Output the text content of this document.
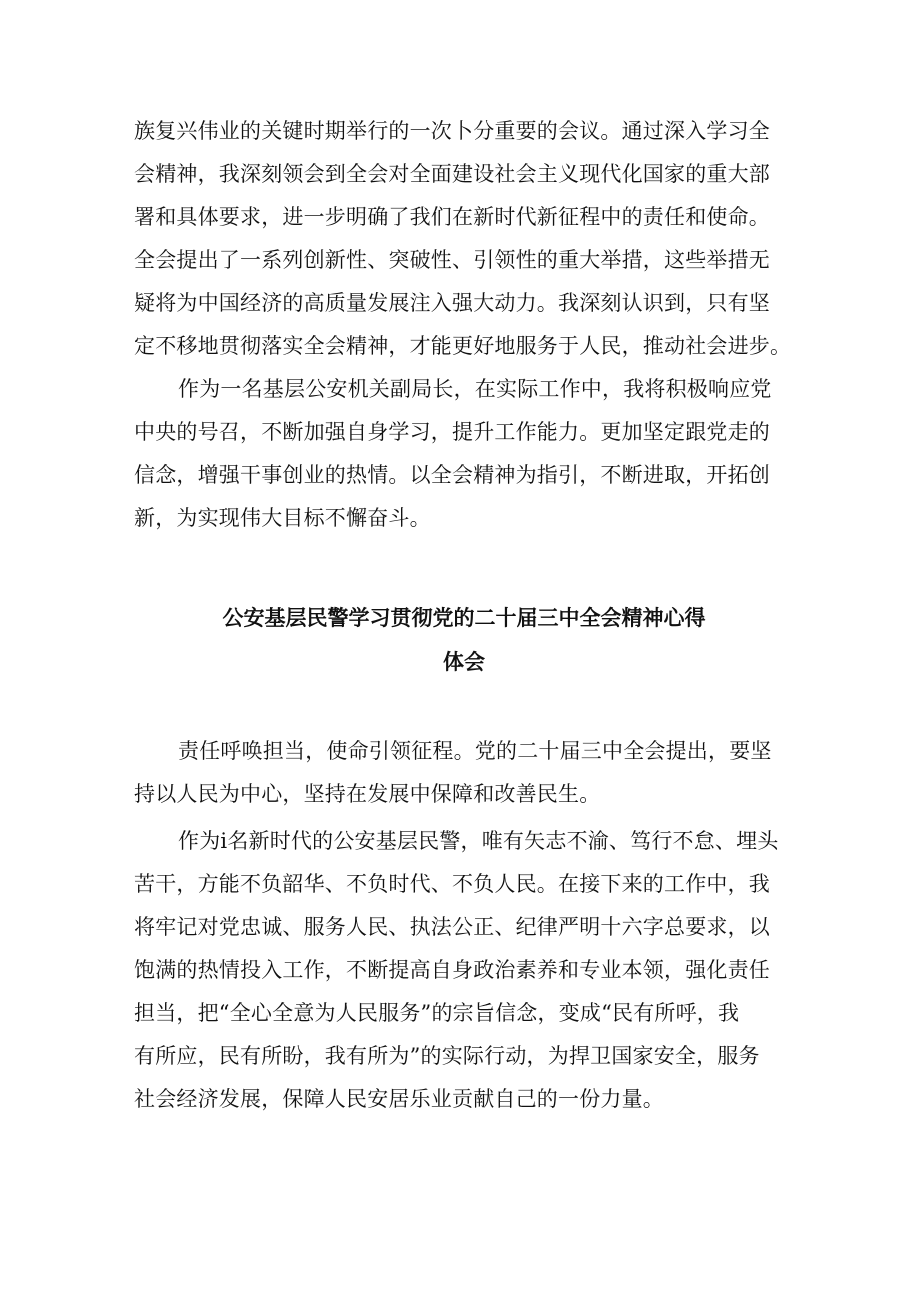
族复兴伟业的关键时期举行的一次卜分重要的会议。通过深入学习全
会精神，我深刻领会到全会对全面建设社会主义现代化国家的重大部
署和具体要求，进一步明确了我们在新时代新征程中的责任和使命。
全会提出了一系列创新性、突破性、引领性的重大举措，这些举措无
疑将为中国经济的高质量发展注入强大动力。我深刻认识到，只有坚
定不移地贯彻落实全会精神，才能更好地服务于人民，推动社会进步。
作为一名基层公安机关副局长，在实际工作中，我将积极响应党
中央的号召，不断加强自身学习，提升工作能力。更加坚定跟党走的
信念，增强干事创业的热情。以全会精神为指引，不断进取，开拓创
新，为实现伟大目标不懈奋斗。
公安基层民警学习贯彻党的二十届三中全会精神心得
体会
责任呼唤担当，使命引领征程。党的二十届三中全会提出，要坚
持以人民为中心，坚持在发展中保障和改善民生。
作为i名新时代的公安基层民警，唯有矢志不渝、笃行不怠、埋头
苦干，方能不负韶华、不负时代、不负人民。在接下来的工作中，我
将牢记对党忠诚、服务人民、执法公正、纪律严明十六字总要求，以
饱满的热情投入工作，不断提高自身政治素养和专业本领，强化责任
担当，把“全心全意为人民服务”的宗旨信念，变成“民有所呼，我
有所应，民有所盼，我有所为”的实际行动，为捍卫国家安全，服务
社会经济发展，保障人民安居乐业贡献自己的一份力量。
